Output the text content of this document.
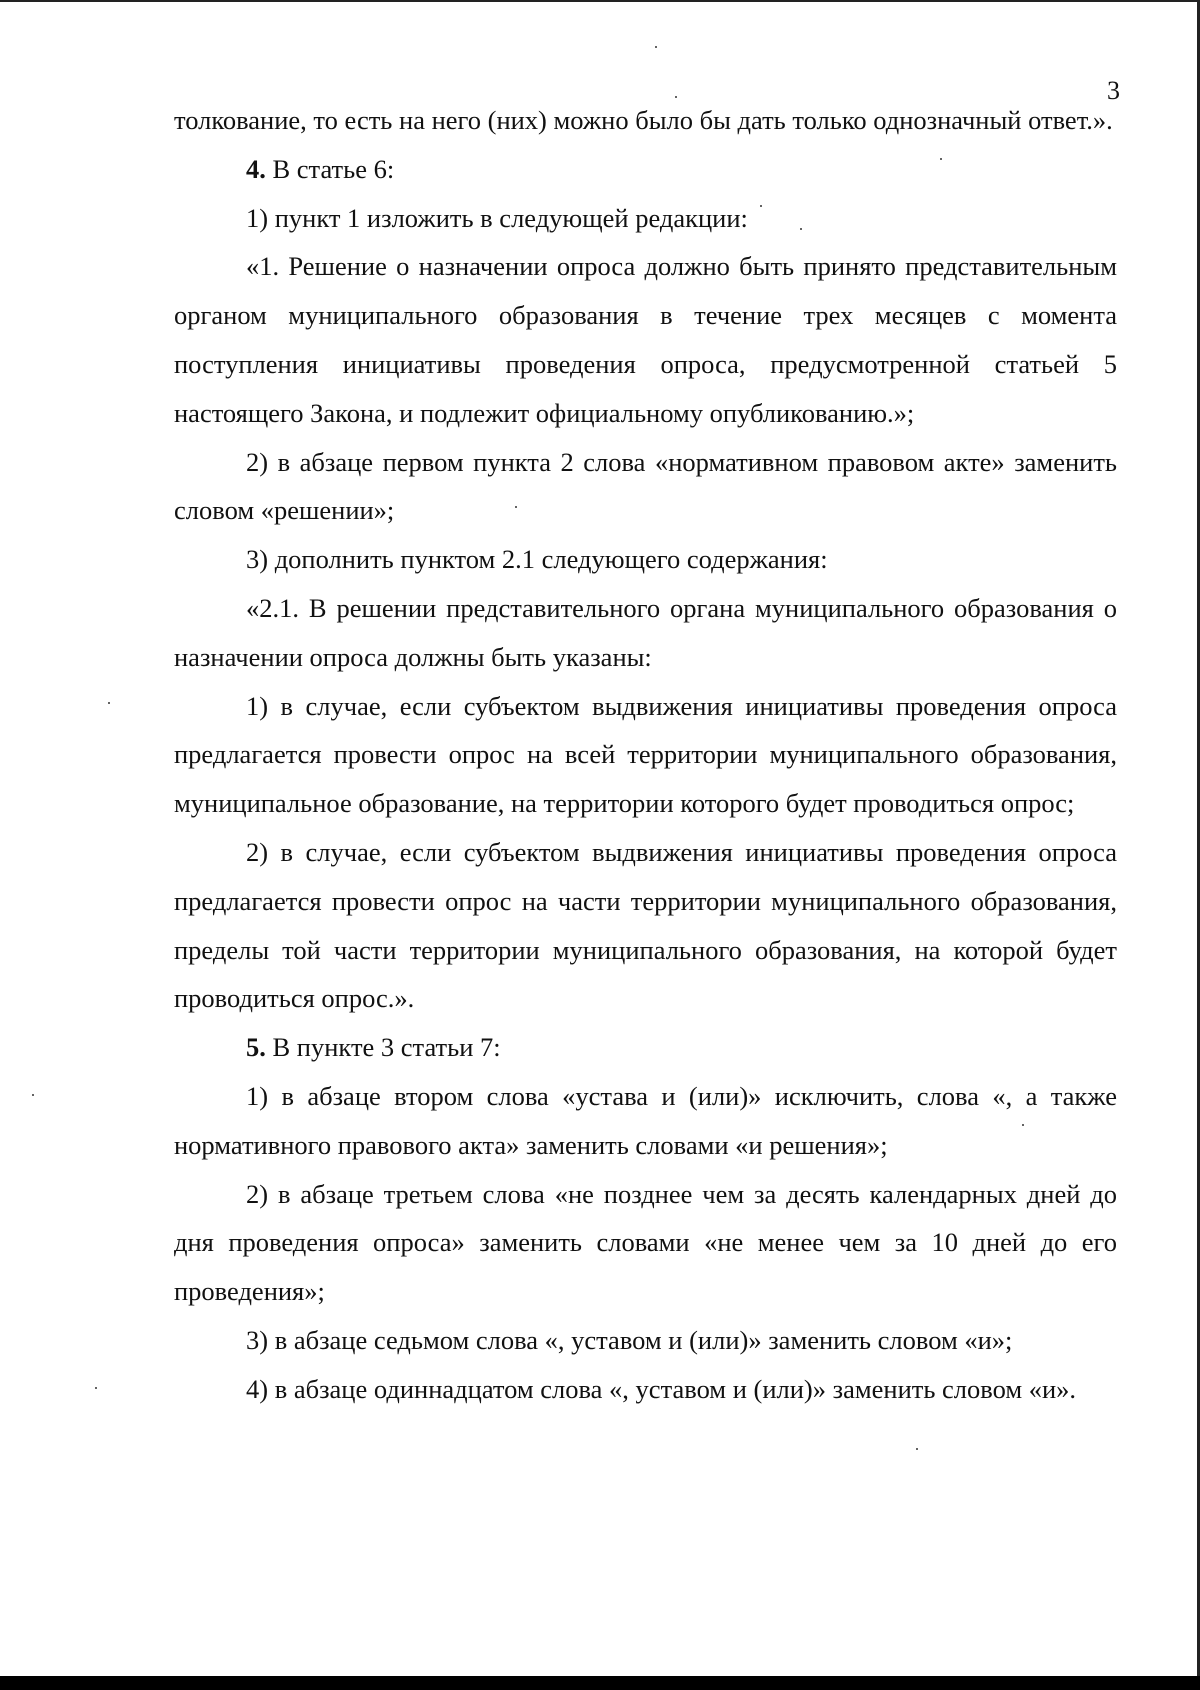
3

толкование, то есть на него (них) можно было бы дать только однозначный ответ.».

4. В статье 6:

1) пункт 1 изложить в следующей редакции:

«1. Решение о назначении опроса должно быть принято представительным органом муниципального образования в течение трех месяцев с момента поступления инициативы проведения опроса, предусмотренной статьей 5 настоящего Закона, и подлежит официальному опубликованию.»;

2) в абзаце первом пункта 2 слова «нормативном правовом акте» заменить словом «решении»;

3) дополнить пунктом 2.1 следующего содержания:

«2.1. В решении представительного органа муниципального образования о назначении опроса должны быть указаны:

1) в случае, если субъектом выдвижения инициативы проведения опроса предлагается провести опрос на всей территории муниципального образования, муниципальное образование, на территории которого будет проводиться опрос;

2) в случае, если субъектом выдвижения инициативы проведения опроса предлагается провести опрос на части территории муниципального образования, пределы той части территории муниципального образования, на которой будет проводиться опрос.».

5. В пункте 3 статьи 7:

1) в абзаце втором слова «устава и (или)» исключить, слова «, а также нормативного правового акта» заменить словами «и решения»;

2) в абзаце третьем слова «не позднее чем за десять календарных дней до дня проведения опроса» заменить словами «не менее чем за 10 дней до его проведения»;

3) в абзаце седьмом слова «, уставом и (или)» заменить словом «и»;

4) в абзаце одиннадцатом слова «, уставом и (или)» заменить словом «и».
